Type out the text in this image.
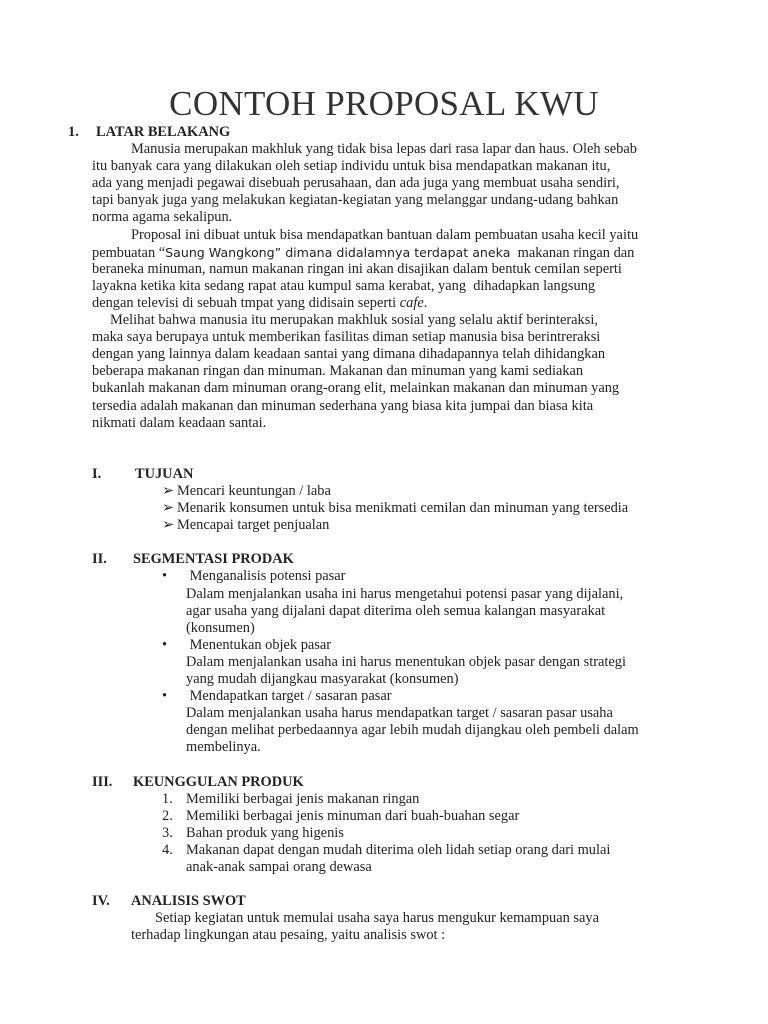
CONTOH PROPOSAL KWU
1. LATAR BELAKANG
Manusia merupakan makhluk yang tidak bisa lepas dari rasa lapar dan haus. Oleh sebab
itu banyak cara yang dilakukan oleh setiap individu untuk bisa mendapatkan makanan itu,
ada yang menjadi pegawai disebuah perusahaan, dan ada juga yang membuat usaha sendiri,
tapi banyak juga yang melakukan kegiatan-kegiatan yang melanggar undang-udang bahkan
norma agama sekalipun.
Proposal ini dibuat untuk bisa mendapatkan bantuan dalam pembuatan usaha kecil yaitu
pembuatan “Saung Wangkong” dimana didalamnya terdapat aneka  makanan ringan dan
beraneka minuman, namun makanan ringan ini akan disajikan dalam bentuk cemilan seperti
layakna ketika kita sedang rapat atau kumpul sama kerabat, yang  dihadapkan langsung
dengan televisi di sebuah tmpat yang didisain seperti cafe.
Melihat bahwa manusia itu merupakan makhluk sosial yang selalu aktif berinteraksi,
maka saya berupaya untuk memberikan fasilitas diman setiap manusia bisa berintreraksi
dengan yang lainnya dalam keadaan santai yang dimana dihadapannya telah dihidangkan
beberapa makanan ringan dan minuman. Makanan dan minuman yang kami sediakan
bukanlah makanan dam minuman orang-orang elit, melainkan makanan dan minuman yang
tersedia adalah makanan dan minuman sederhana yang biasa kita jumpai dan biasa kita
nikmati dalam keadaan santai.
I. TUJUAN
➢ Mencari keuntungan / laba
➢ Menarik konsumen untuk bisa menikmati cemilan dan minuman yang tersedia
➢ Mencapai target penjualan
II. SEGMENTASI PRODAK
• Menganalisis potensi pasar
Dalam menjalankan usaha ini harus mengetahui potensi pasar yang dijalani,
agar usaha yang dijalani dapat diterima oleh semua kalangan masyarakat
(konsumen)
• Menentukan objek pasar
Dalam menjalankan usaha ini harus menentukan objek pasar dengan strategi
yang mudah dijangkau masyarakat (konsumen)
• Mendapatkan target / sasaran pasar
Dalam menjalankan usaha harus mendapatkan target / sasaran pasar usaha
dengan melihat perbedaannya agar lebih mudah dijangkau oleh pembeli dalam
membelinya.
III. KEUNGGULAN PRODUK
1. Memiliki berbagai jenis makanan ringan
2. Memiliki berbagai jenis minuman dari buah-buahan segar
3. Bahan produk yang higenis
4. Makanan dapat dengan mudah diterima oleh lidah setiap orang dari mulai
anak-anak sampai orang dewasa
IV. ANALISIS SWOT
Setiap kegiatan untuk memulai usaha saya harus mengukur kemampuan saya
terhadap lingkungan atau pesaing, yaitu analisis swot :
